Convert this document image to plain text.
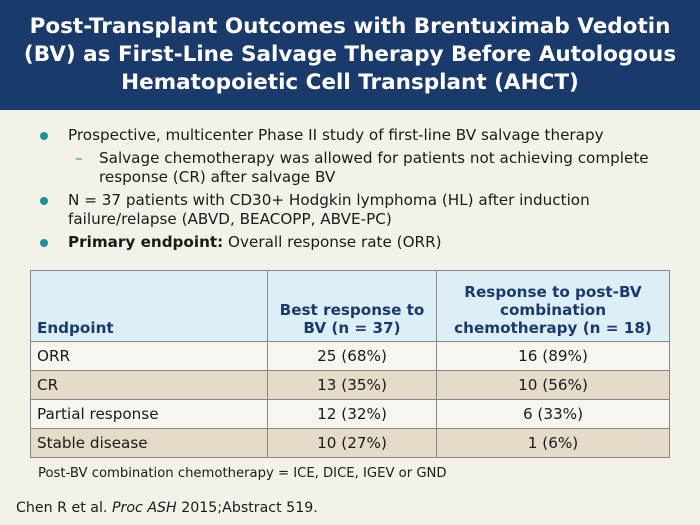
Post-Transplant Outcomes with Brentuximab Vedotin (BV) as First-Line Salvage Therapy Before Autologous Hematopoietic Cell Transplant (AHCT)
Prospective, multicenter Phase II study of first-line BV salvage therapy
–	Salvage chemotherapy was allowed for patients not achieving complete response (CR) after salvage BV
N = 37 patients with CD30+ Hodgkin lymphoma (HL) after induction failure/relapse (ABVD, BEACOPP, ABVE-PC)
Primary endpoint: Overall response rate (ORR)
Endpoint	Best response to BV (n = 37)	Response to post-BV combination chemotherapy (n = 18)
ORR	25 (68%)	16 (89%)
CR	13 (35%)	10 (56%)
Partial response	12 (32%)	6 (33%)
Stable disease	10 (27%)	1 (6%)
Post-BV combination chemotherapy = ICE, DICE, IGEV or GND
Chen R et al. Proc ASH 2015;Abstract 519.
